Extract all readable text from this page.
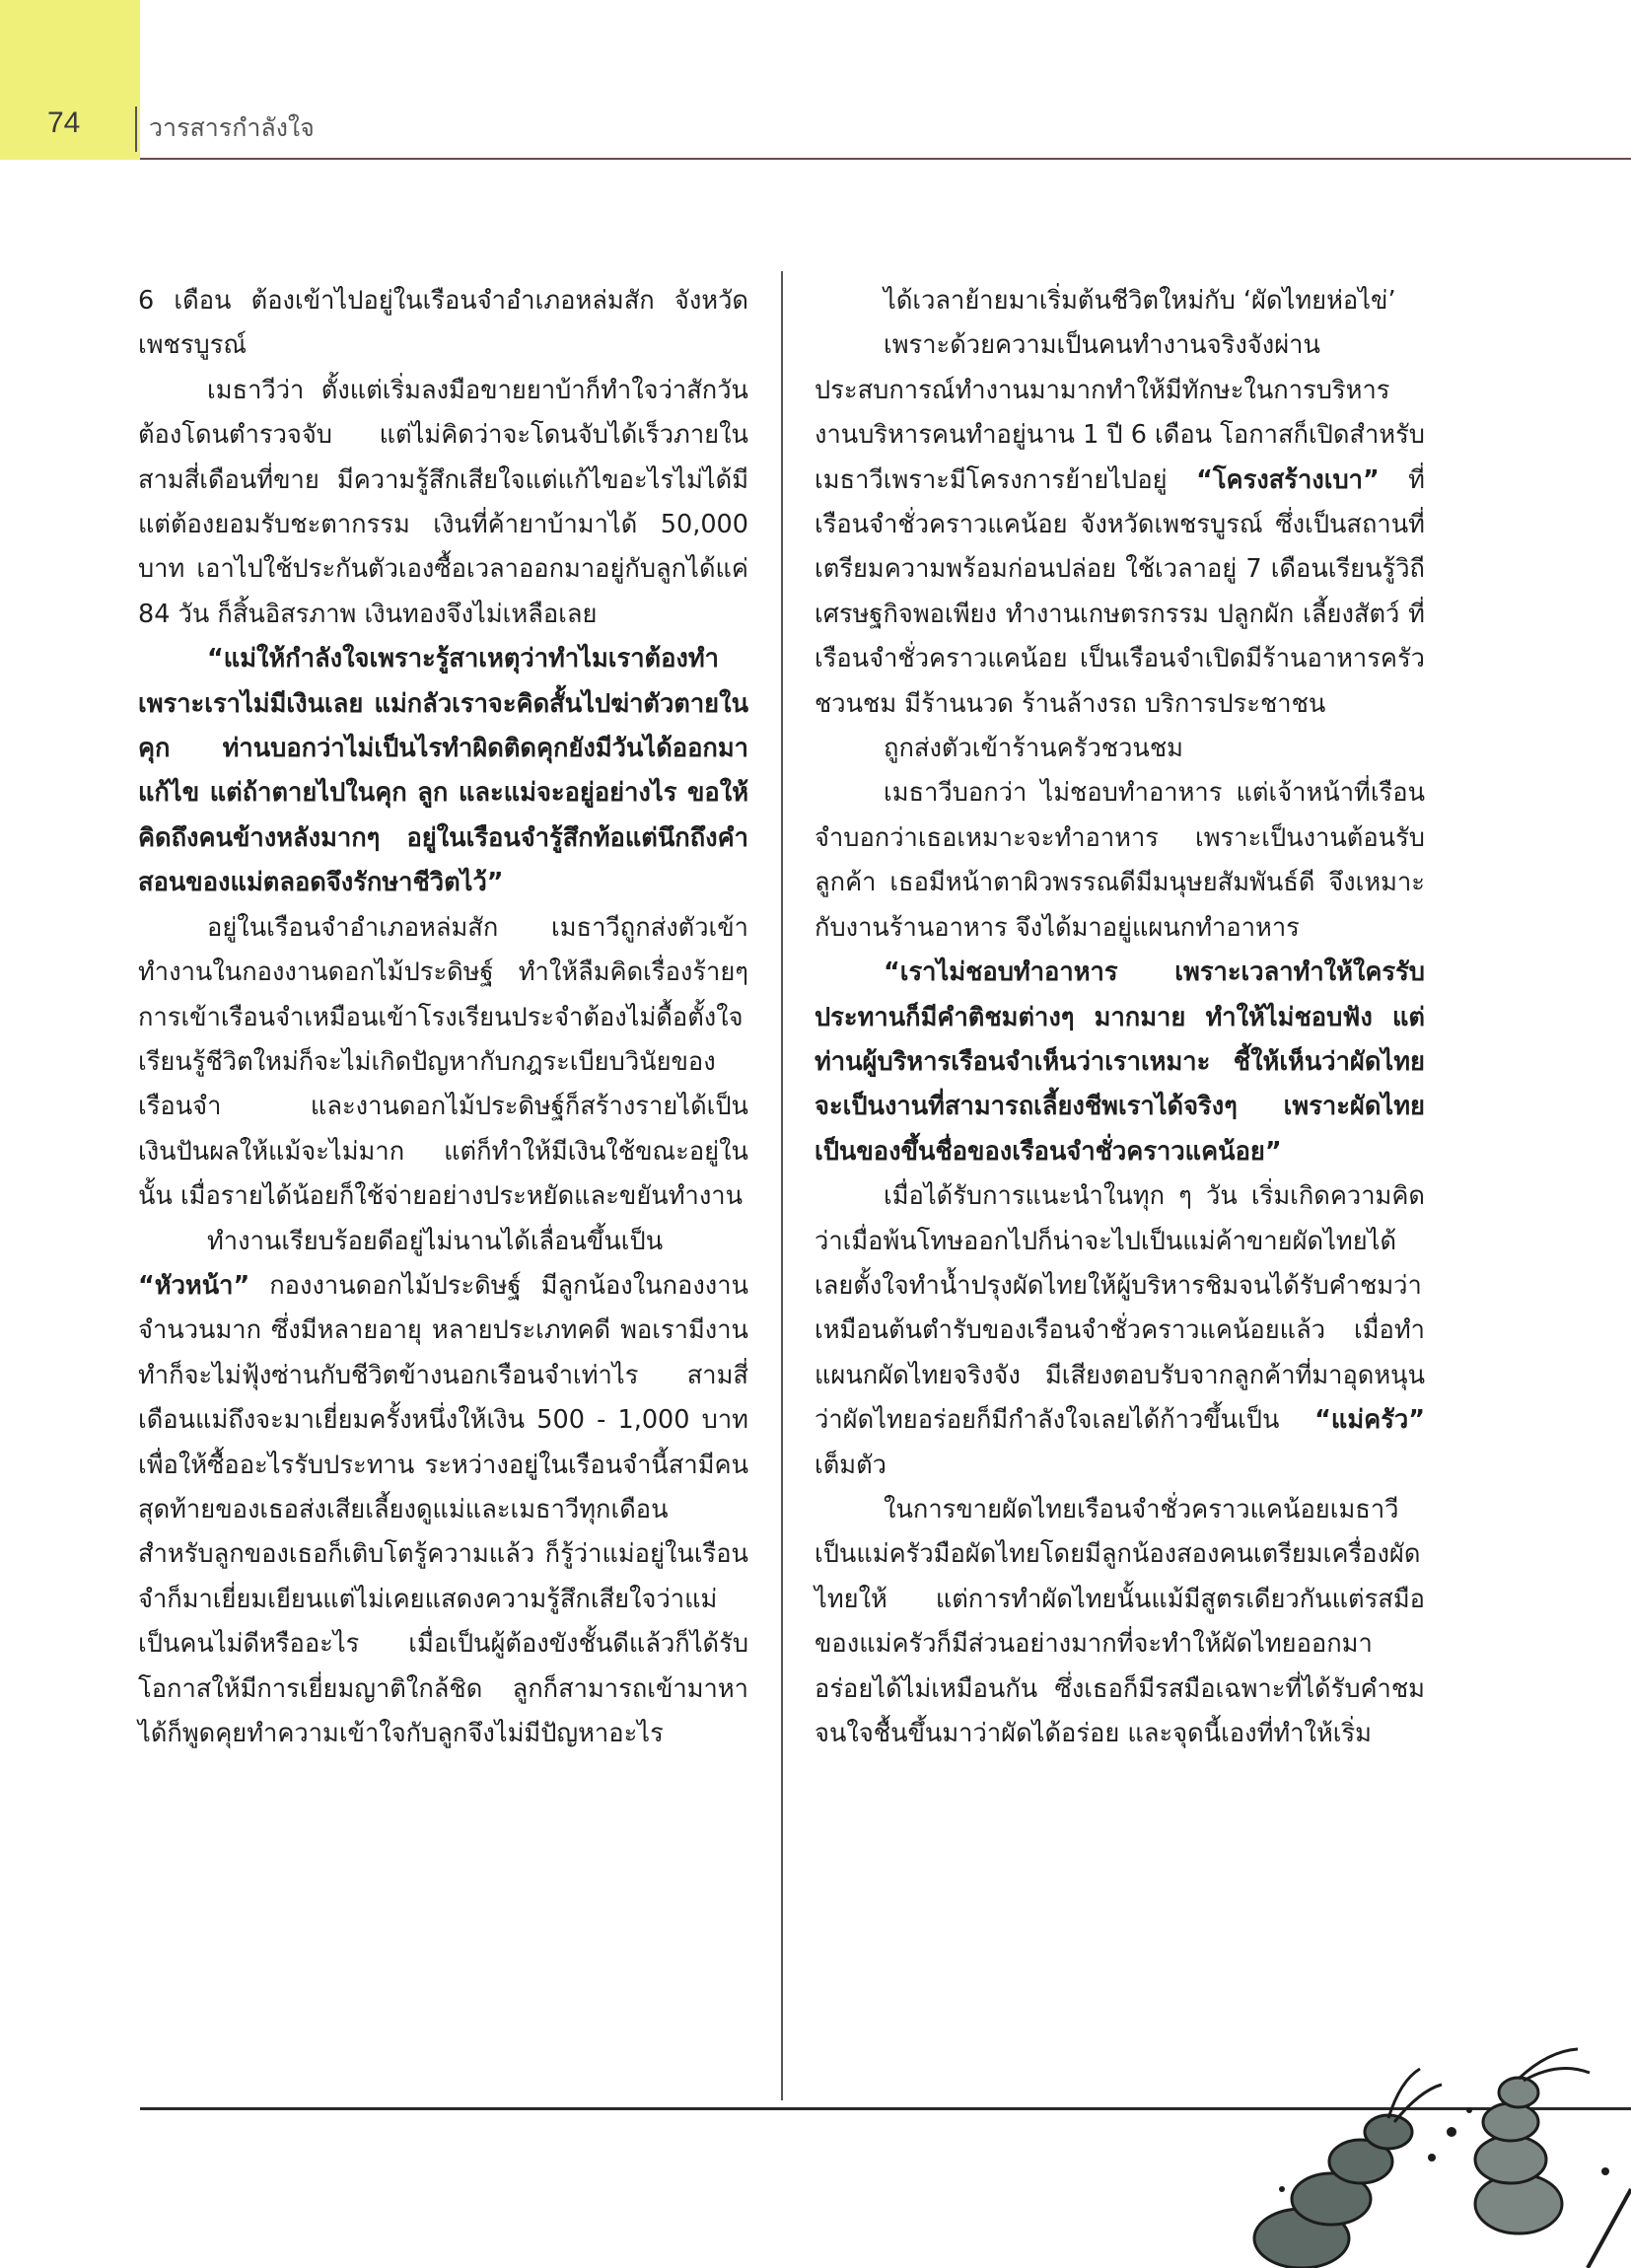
74	วารสารกำลังใจ

6 เดือน ต้องเข้าไปอยู่ในเรือนจำอำเภอหล่มสัก จังหวัดเพชรบูรณ์

เมธาวีว่า ตั้งแต่เริ่มลงมือขายยาบ้าก็ทำใจว่าสักวันต้องโดนตำรวจจับ แต่ไม่คิดว่าจะโดนจับได้เร็วภายในสามสี่เดือนที่ขาย มีความรู้สึกเสียใจแต่แก้ไขอะไรไม่ได้มีแต่ต้องยอมรับชะตากรรม เงินที่ค้ายาบ้ามาได้ 50,000 บาท เอาไปใช้ประกันตัวเองซื้อเวลาออกมาอยู่กับลูกได้แค่ 84 วัน ก็สิ้นอิสรภาพ เงินทองจึงไม่เหลือเลย

“แม่ให้กำลังใจเพราะรู้สาเหตุว่าทำไมเราต้องทำ เพราะเราไม่มีเงินเลย แม่กลัวเราจะคิดสั้นไปฆ่าตัวตายในคุก ท่านบอกว่าไม่เป็นไรทำผิดติดคุกยังมีวันได้ออกมาแก้ไข แต่ถ้าตายไปในคุก ลูก และแม่จะอยู่อย่างไร ขอให้คิดถึงคนข้างหลังมากๆ อยู่ในเรือนจำรู้สึกท้อแต่นึกถึงคำสอนของแม่ตลอดจึงรักษาชีวิตไว้”

อยู่ในเรือนจำอำเภอหล่มสัก เมธาวีถูกส่งตัวเข้าทำงานในกองงานดอกไม้ประดิษฐ์ ทำให้ลืมคิดเรื่องร้ายๆ การเข้าเรือนจำเหมือนเข้าโรงเรียนประจำต้องไม่ดื้อตั้งใจเรียนรู้ชีวิตใหม่ก็จะไม่เกิดปัญหากับกฎระเบียบวินัยของเรือนจำ และงานดอกไม้ประดิษฐ์ก็สร้างรายได้เป็นเงินปันผลให้แม้จะไม่มาก แต่ก็ทำให้มีเงินใช้ขณะอยู่ในนั้น เมื่อรายได้น้อยก็ใช้จ่ายอย่างประหยัดและขยันทำงาน

ทำงานเรียบร้อยดีอยู่ไม่นานได้เลื่อนขึ้นเป็น “หัวหน้า” กองงานดอกไม้ประดิษฐ์ มีลูกน้องในกองงานจำนวนมาก ซึ่งมีหลายอายุ หลายประเภทคดี พอเรามีงานทำก็จะไม่ฟุ้งซ่านกับชีวิตข้างนอกเรือนจำเท่าไร สามสี่เดือนแม่ถึงจะมาเยี่ยมครั้งหนึ่งให้เงิน 500 - 1,000 บาท เพื่อให้ซื้ออะไรรับประทาน ระหว่างอยู่ในเรือนจำนี้สามีคนสุดท้ายของเธอส่งเสียเลี้ยงดูแม่และเมธาวีทุกเดือน สำหรับลูกของเธอก็เติบโตรู้ความแล้ว ก็รู้ว่าแม่อยู่ในเรือนจำก็มาเยี่ยมเยียนแต่ไม่เคยแสดงความรู้สึกเสียใจว่าแม่เป็นคนไม่ดีหรืออะไร เมื่อเป็นผู้ต้องขังชั้นดีแล้วก็ได้รับโอกาสให้มีการเยี่ยมญาติใกล้ชิด ลูกก็สามารถเข้ามาหาได้ก็พูดคุยทำความเข้าใจกับลูกจึงไม่มีปัญหาอะไร

ได้เวลาย้ายมาเริ่มต้นชีวิตใหม่กับ ‘ผัดไทยห่อไข่’

เพราะด้วยความเป็นคนทำงานจริงจังผ่านประสบการณ์ทำงานมามากทำให้มีทักษะในการบริหารงานบริหารคนทำอยู่นาน 1 ปี 6 เดือน โอกาสก็เปิดสำหรับเมธาวีเพราะมีโครงการย้ายไปอยู่ “โครงสร้างเบา” ที่เรือนจำชั่วคราวแคน้อย จังหวัดเพชรบูรณ์ ซึ่งเป็นสถานที่เตรียมความพร้อมก่อนปล่อย ใช้เวลาอยู่ 7 เดือนเรียนรู้วิถีเศรษฐกิจพอเพียง ทำงานเกษตรกรรม ปลูกผัก เลี้ยงสัตว์ ที่เรือนจำชั่วคราวแคน้อย เป็นเรือนจำเปิดมีร้านอาหารครัวชวนชม มีร้านนวด ร้านล้างรถ บริการประชาชน

ถูกส่งตัวเข้าร้านครัวชวนชม

เมธาวีบอกว่า ไม่ชอบทำอาหาร แต่เจ้าหน้าที่เรือนจำบอกว่าเธอเหมาะจะทำอาหาร เพราะเป็นงานต้อนรับลูกค้า เธอมีหน้าตาผิวพรรณดีมีมนุษยสัมพันธ์ดี จึงเหมาะกับงานร้านอาหาร จึงได้มาอยู่แผนกทำอาหาร

“เราไม่ชอบทำอาหาร เพราะเวลาทำให้ใครรับประทานก็มีคำติชมต่างๆ มากมาย ทำให้ไม่ชอบฟัง แต่ท่านผู้บริหารเรือนจำเห็นว่าเราเหมาะ ชี้ให้เห็นว่าผัดไทยจะเป็นงานที่สามารถเลี้ยงชีพเราได้จริงๆ เพราะผัดไทยเป็นของขึ้นชื่อของเรือนจำชั่วคราวแคน้อย”

เมื่อได้รับการแนะนำในทุก ๆ วัน เริ่มเกิดความคิดว่าเมื่อพ้นโทษออกไปก็น่าจะไปเป็นแม่ค้าขายผัดไทยได้ เลยตั้งใจทำน้ำปรุงผัดไทยให้ผู้บริหารชิมจนได้รับคำชมว่าเหมือนต้นตำรับของเรือนจำชั่วคราวแคน้อยแล้ว เมื่อทำแผนกผัดไทยจริงจัง มีเสียงตอบรับจากลูกค้าที่มาอุดหนุนว่าผัดไทยอร่อยก็มีกำลังใจเลยได้ก้าวขึ้นเป็น “แม่ครัว” เต็มตัว

ในการขายผัดไทยเรือนจำชั่วคราวแคน้อยเมธาวีเป็นแม่ครัวมือผัดไทยโดยมีลูกน้องสองคนเตรียมเครื่องผัดไทยให้ แต่การทำผัดไทยนั้นแม้มีสูตรเดียวกันแต่รสมือของแม่ครัวก็มีส่วนอย่างมากที่จะทำให้ผัดไทยออกมาอร่อยได้ไม่เหมือนกัน ซึ่งเธอก็มีรสมือเฉพาะที่ได้รับคำชมจนใจชื้นขึ้นมาว่าผัดได้อร่อย และจุดนี้เองที่ทำให้เริ่ม
